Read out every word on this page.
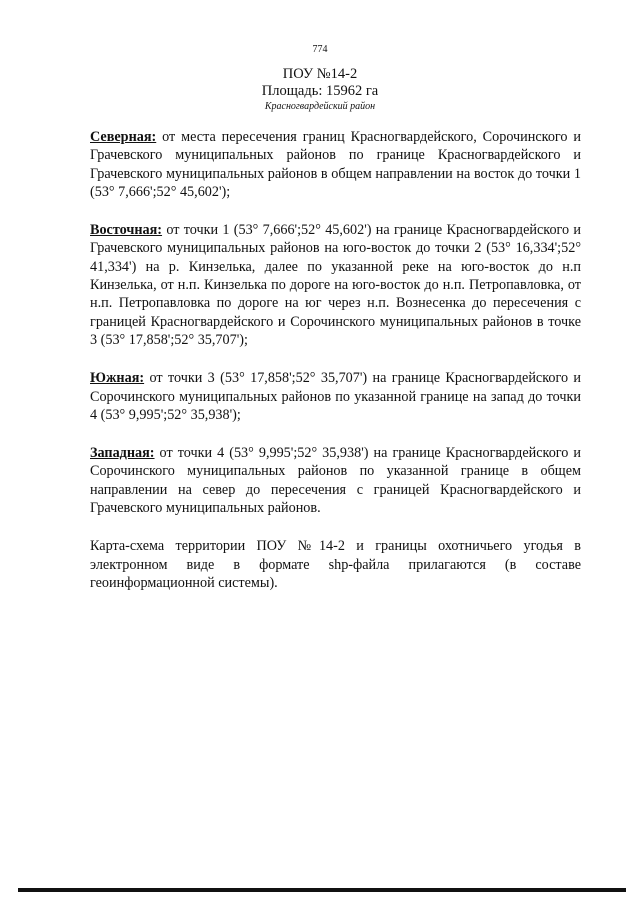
774
ПОУ №14-2
Площадь: 15962 га
Красногвардейский район

Северная: от места пересечения границ Красногвардейского, Сорочинского и Грачевского муниципальных районов по границе Красногвардейского и Грачевского муниципальных районов в общем направлении на восток до точки 1 (53° 7,666';52° 45,602');

Восточная: от точки 1 (53° 7,666';52° 45,602') на границе Красногвардейского и Грачевского муниципальных районов на юго-восток до точки 2 (53° 16,334';52° 41,334') на р. Кинзелька, далее по указанной реке на юго-восток до н.п Кинзелька, от н.п. Кинзелька по дороге на юго-восток до н.п. Петропавловка, от н.п. Петропавловка по дороге на юг через н.п. Вознесенка до пересечения с границей Красногвардейского и Сорочинского муниципальных районов в точке 3 (53° 17,858';52° 35,707');

Южная: от точки 3 (53° 17,858';52° 35,707') на границе Красногвардейского и Сорочинского муниципальных районов по указанной границе на запад до точки 4 (53° 9,995';52° 35,938');

Западная: от точки 4 (53° 9,995';52° 35,938') на границе Красногвардейского и Сорочинского муниципальных районов по указанной границе в общем направлении на север до пересечения с границей Красногвардейского и Грачевского муниципальных районов.

Карта-схема территории ПОУ №14-2 и границы охотничьего угодья в электронном виде в формате shp-файла прилагаются (в составе геоинформационной системы).
